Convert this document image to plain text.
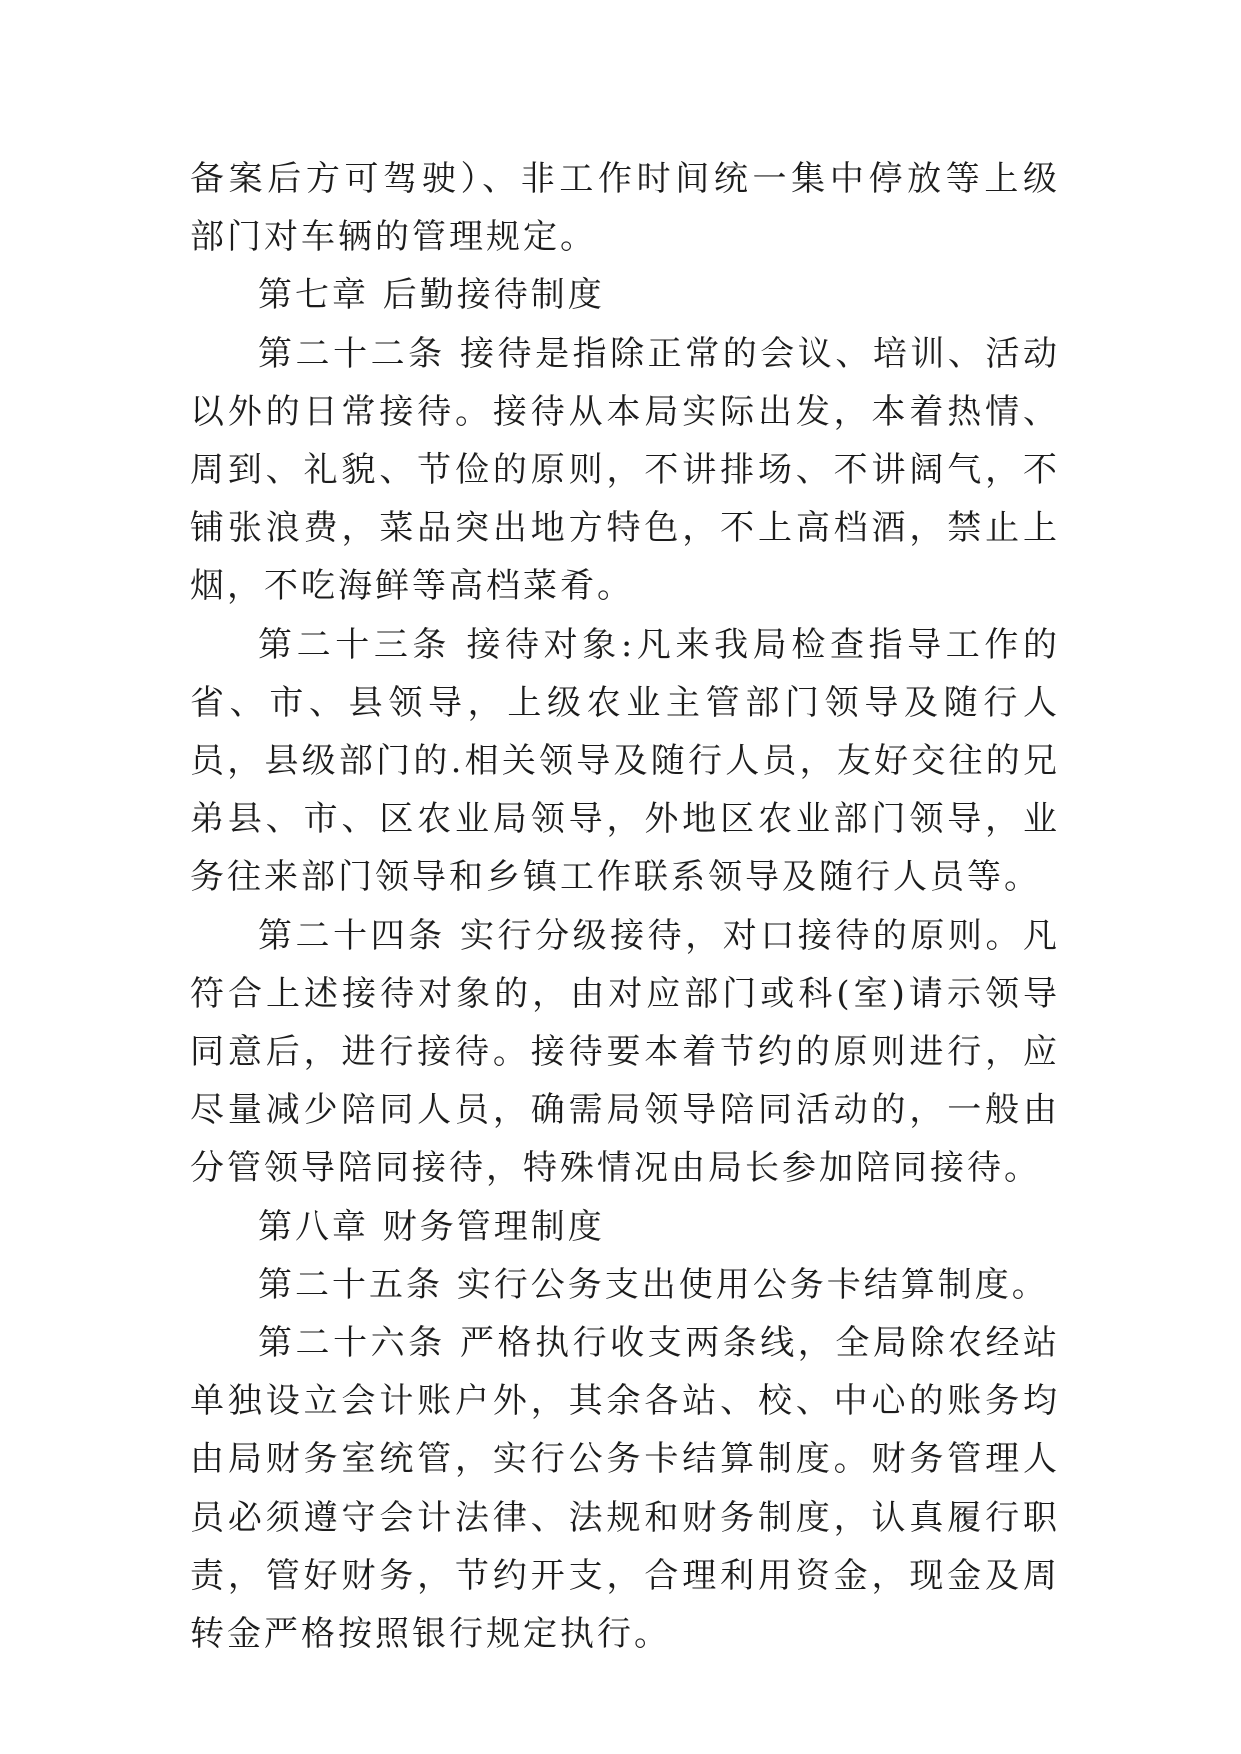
备案后方可驾驶）、非工作时间统一集中停放等上级部门对车辆的管理规定。

第七章 后勤接待制度

第二十二条 接待是指除正常的会议、培训、活动以外的日常接待。接待从本局实际出发，本着热情、周到、礼貌、节俭的原则，不讲排场、不讲阔气，不铺张浪费，菜品突出地方特色，不上高档酒，禁止上烟，不吃海鲜等高档菜肴。

第二十三条 接待对象:凡来我局检查指导工作的省、市、县领导，上级农业主管部门领导及随行人员，县级部门的.相关领导及随行人员，友好交往的兄弟县、市、区农业局领导，外地区农业部门领导，业务往来部门领导和乡镇工作联系领导及随行人员等。

第二十四条 实行分级接待，对口接待的原则。凡符合上述接待对象的，由对应部门或科(室)请示领导同意后，进行接待。接待要本着节约的原则进行，应尽量减少陪同人员，确需局领导陪同活动的，一般由分管领导陪同接待，特殊情况由局长参加陪同接待。

第八章 财务管理制度

第二十五条 实行公务支出使用公务卡结算制度。

第二十六条 严格执行收支两条线，全局除农经站单独设立会计账户外，其余各站、校、中心的账务均由局财务室统管，实行公务卡结算制度。财务管理人员必须遵守会计法律、法规和财务制度，认真履行职责，管好财务，节约开支，合理利用资金，现金及周转金严格按照银行规定执行。
